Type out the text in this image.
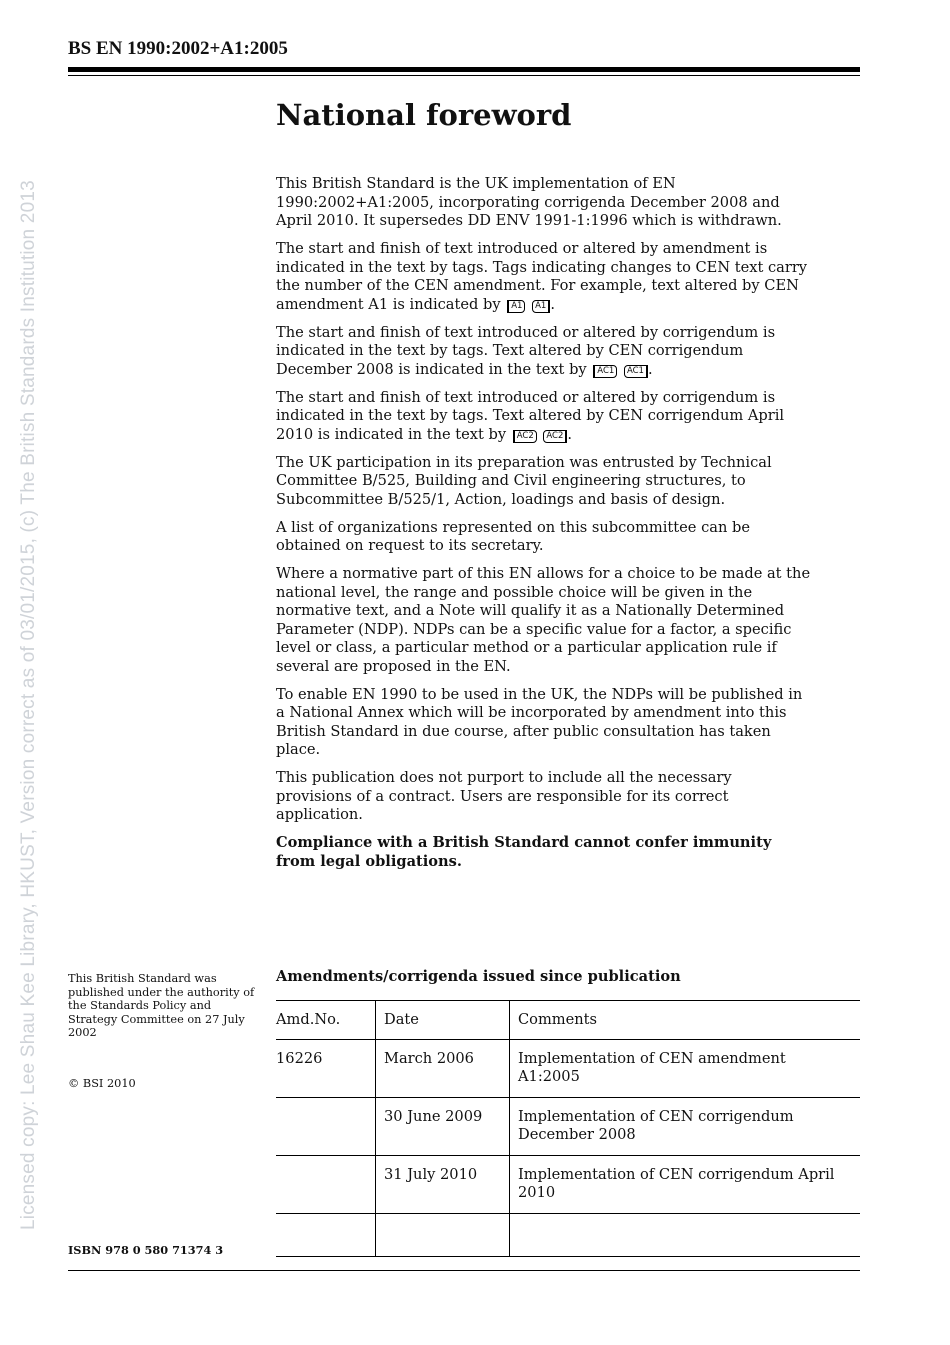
BS EN 1990:2002+A1:2005
Licensed copy: Lee Shau Kee Library, HKUST, Version correct as of 03/01/2015, (c) The British Standards Institution 2013
National foreword

This British Standard is the UK implementation of EN 1990:2002+A1:2005, incorporating corrigenda December 2008 and April 2010. It supersedes DD ENV 1991-1:1996 which is withdrawn.

The start and finish of text introduced or altered by amendment is indicated in the text by tags. Tags indicating changes to CEN text carry the number of the CEN amendment. For example, text altered by CEN amendment A1 is indicated by A1 A1 .

The start and finish of text introduced or altered by corrigendum is indicated in the text by tags. Text altered by CEN corrigendum December 2008 is indicated in the text by AC1 AC1 .

The start and finish of text introduced or altered by corrigendum is indicated in the text by tags. Text altered by CEN corrigendum April 2010 is indicated in the text by AC2 AC2 .

The UK participation in its preparation was entrusted by Technical Committee B/525, Building and Civil engineering structures, to Subcommittee B/525/1, Action, loadings and basis of design.

A list of organizations represented on this subcommittee can be obtained on request to its secretary.

Where a normative part of this EN allows for a choice to be made at the national level, the range and possible choice will be given in the normative text, and a Note will qualify it as a Nationally Determined Parameter (NDP). NDPs can be a specific value for a factor, a specific level or class, a particular method or a particular application rule if several are proposed in the EN.

To enable EN 1990 to be used in the UK, the NDPs will be published in a National Annex which will be incorporated by amendment into this British Standard in due course, after public consultation has taken place.

This publication does not purport to include all the necessary provisions of a contract. Users are responsible for its correct application.

Compliance with a British Standard cannot confer immunity from legal obligations.

This British Standard was published under the authority of the Standards Policy and Strategy Committee on 27 July 2002
© BSI 2010
ISBN 978 0 580 71374 3
Amendments/corrigenda issued since publication
Amd.No.	Date	Comments
16226	March 2006	Implementation of CEN amendment A1:2005
	30 June 2009	Implementation of CEN corrigendum December 2008
	31 July 2010	Implementation of CEN corrigendum April 2010
